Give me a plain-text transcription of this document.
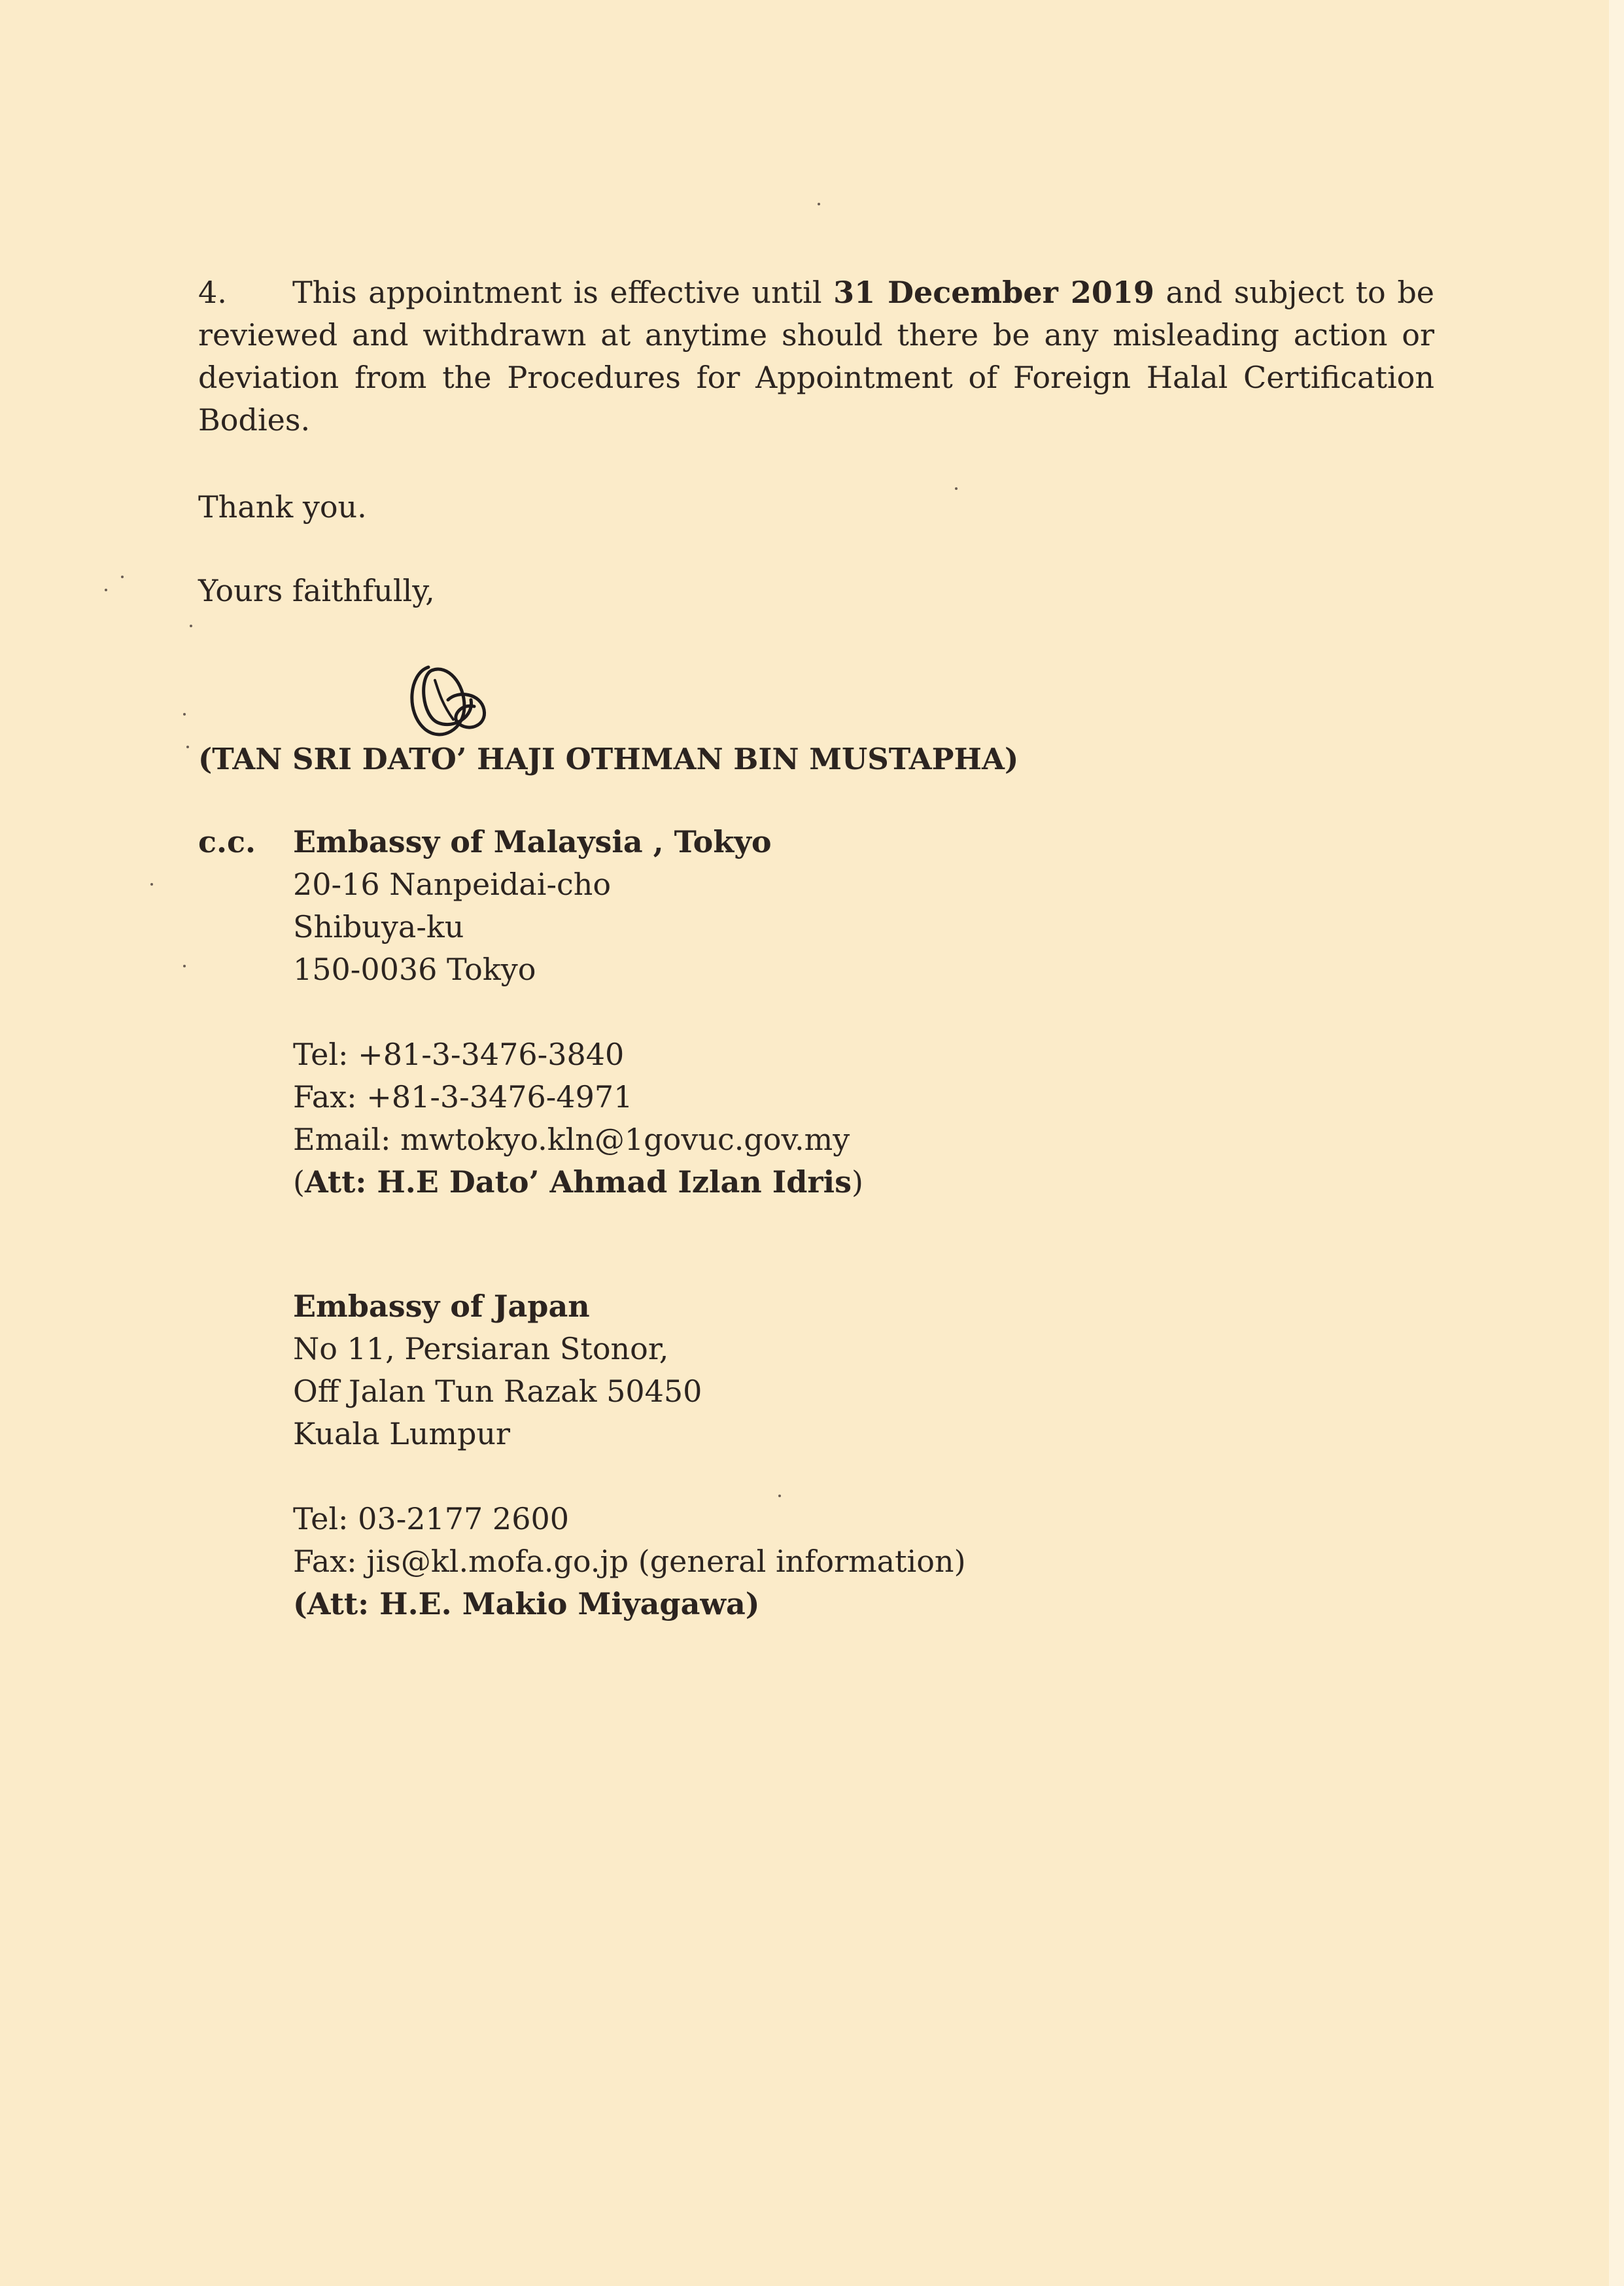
4. This appointment is effective until 31 December 2019 and subject to be reviewed and withdrawn at anytime should there be any misleading action or deviation from the Procedures for Appointment of Foreign Halal Certification Bodies.
Thank you.
Yours faithfully,
(TAN SRI DATO’ HAJI OTHMAN BIN MUSTAPHA)
c.c. Embassy of Malaysia , Tokyo
20-16 Nanpeidai-cho
Shibuya-ku
150-0036 Tokyo
Tel: +81-3-3476-3840
Fax: +81-3-3476-4971
Email: mwtokyo.kln@1govuc.gov.my
(Att: H.E Dato’ Ahmad Izlan Idris)
Embassy of Japan
No 11, Persiaran Stonor,
Off Jalan Tun Razak 50450
Kuala Lumpur
Tel: 03-2177 2600
Fax: jis@kl.mofa.go.jp (general information)
(Att: H.E. Makio Miyagawa)
